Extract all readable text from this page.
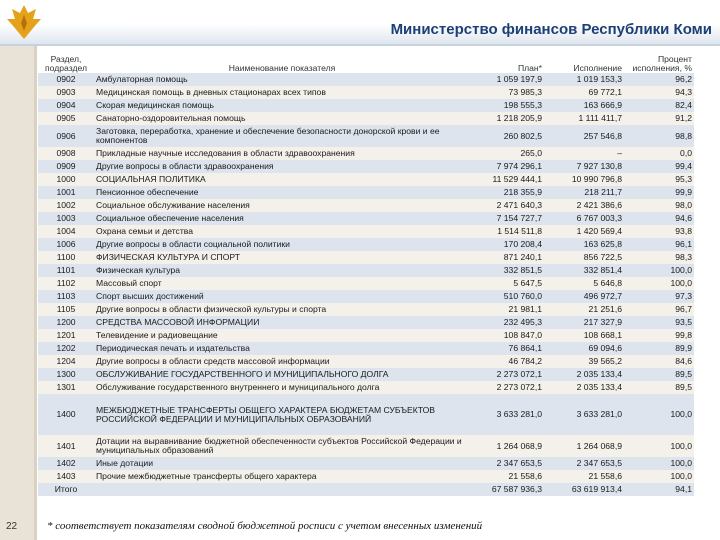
Министерство финансов Республики Коми
22
Раздел, подраздел	Наименование показателя	План*	Исполнение	Процент исполнения, %
0902	Амбулаторная помощь	1 059 197,9	1 019 153,3	96,2
0903	Медицинская помощь в дневных стационарах всех типов	73 985,3	69 772,1	94,3
0904	Скорая медицинская помощь	198 555,3	163 666,9	82,4
0905	Санаторно-оздоровительная помощь	1 218 205,9	1 111 411,7	91,2
0906	Заготовка, переработка, хранение и обеспечение безопасности донорской крови и ее компонентов	260 802,5	257 546,8	98,8
0908	Прикладные научные исследования в области здравоохранения	265,0	–	0,0
0909	Другие вопросы в области здравоохранения	7 974 296,1	7 927 130,8	99,4
1000	СОЦИАЛЬНАЯ ПОЛИТИКА	11 529 444,1	10 990 796,8	95,3
1001	Пенсионное обеспечение	218 355,9	218 211,7	99,9
1002	Социальное обслуживание населения	2 471 640,3	2 421 386,6	98,0
1003	Социальное обеспечение населения	7 154 727,7	6 767 003,3	94,6
1004	Охрана семьи и детства	1 514 511,8	1 420 569,4	93,8
1006	Другие вопросы в области социальной политики	170 208,4	163 625,8	96,1
1100	ФИЗИЧЕСКАЯ КУЛЬТУРА И СПОРТ	871 240,1	856 722,5	98,3
1101	Физическая культура	332 851,5	332 851,4	100,0
1102	Массовый спорт	5 647,5	5 646,8	100,0
1103	Спорт высших достижений	510 760,0	496 972,7	97,3
1105	Другие вопросы в области физической культуры и спорта	21 981,1	21 251,6	96,7
1200	СРЕДСТВА МАССОВОЙ ИНФОРМАЦИИ	232 495,3	217 327,9	93,5
1201	Телевидение и радиовещание	108 847,0	108 668,1	99,8
1202	Периодическая печать и издательства	76 864,1	69 094,6	89,9
1204	Другие вопросы в области средств массовой информации	46 784,2	39 565,2	84,6
1300	ОБСЛУЖИВАНИЕ ГОСУДАРСТВЕННОГО И МУНИЦИПАЛЬНОГО ДОЛГА	2 273 072,1	2 035 133,4	89,5
1301	Обслуживание государственного внутреннего и муниципального долга	2 273 072,1	2 035 133,4	89,5
1400	МЕЖБЮДЖЕТНЫЕ ТРАНСФЕРТЫ ОБЩЕГО ХАРАКТЕРА БЮДЖЕТАМ СУБЪЕКТОВ РОССИЙСКОЙ ФЕДЕРАЦИИ И МУНИЦИПАЛЬНЫХ ОБРАЗОВАНИЙ	3 633 281,0	3 633 281,0	100,0
1401	Дотации на выравнивание бюджетной обеспеченности субъектов Российской Федерации и муниципальных образований	1 264 068,9	1 264 068,9	100,0
1402	Иные дотации	2 347 653,5	2 347 653,5	100,0
1403	Прочие межбюджетные трансферты общего характера	21 558,6	21 558,6	100,0
Итого		67 587 936,3	63 619 913,4	94,1
* соответствует показателям сводной бюджетной росписи с учетом внесенных изменений
